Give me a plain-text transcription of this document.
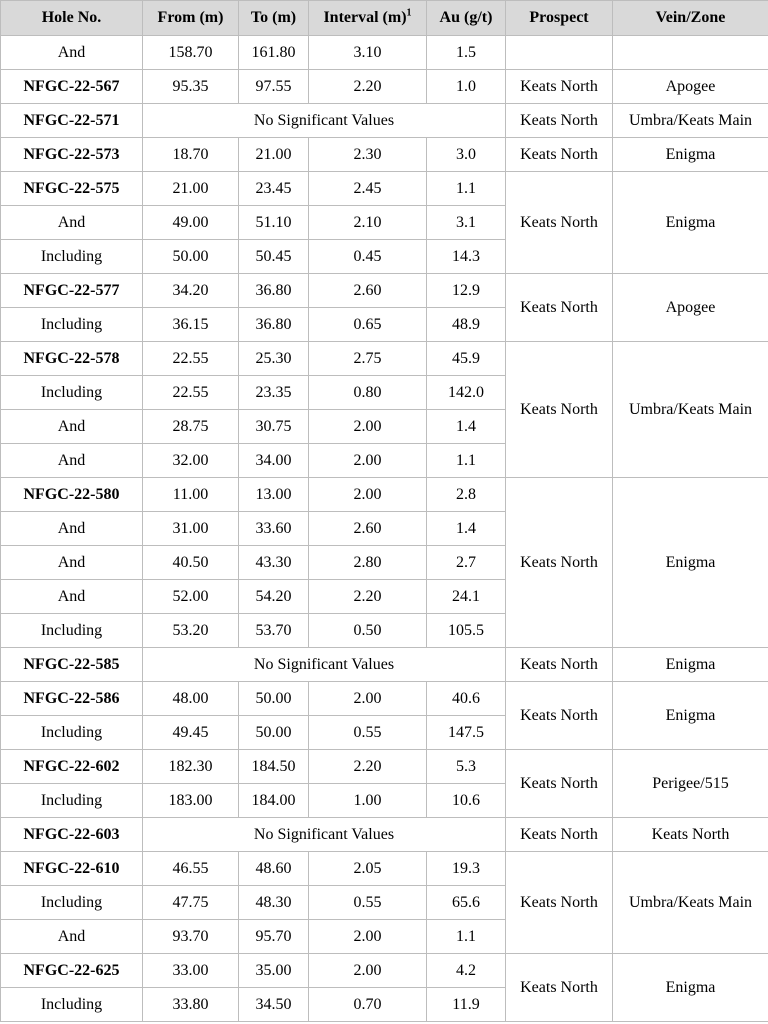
Hole No.	From (m)	To (m)	Interval $(m)^1$	Au (g/t)	Prospect	Vein/Zone
And	158.70	161.80	3.10	1.5		
NFGC-22-567	95.35	97.55	2.20	1.0	Keats North	Apogee
NFGC-22-571	No Significant Values				Keats North	Umbra/Keats Main
NFGC-22-573	18.70	21.00	2.30	3.0	Keats North	Enigma
NFGC-22-575	21.00	23.45	2.45	1.1	Keats North	Enigma
And	49.00	51.10	2.10	3.1		
Including	50.00	50.45	0.45	14.3		
NFGC-22-577	34.20	36.80	2.60	12.9	Keats North	Apogee
Including	36.15	36.80	0.65	48.9		
NFGC-22-578	22.55	25.30	2.75	45.9	Keats North	Umbra/Keats Main
Including	22.55	23.35	0.80	142.0		
And	28.75	30.75	2.00	1.4		
And	32.00	34.00	2.00	1.1		
NFGC-22-580	11.00	13.00	2.00	2.8	Keats North	Enigma
And	31.00	33.60	2.60	1.4		
And	40.50	43.30	2.80	2.7		
And	52.00	54.20	2.20	24.1		
Including	53.20	53.70	0.50	105.5		
NFGC-22-585	No Significant Values				Keats North	Enigma
NFGC-22-586	48.00	50.00	2.00	40.6	Keats North	Enigma
Including	49.45	50.00	0.55	147.5		
NFGC-22-602	182.30	184.50	2.20	5.3	Keats North	Perigee/515
Including	183.00	184.00	1.00	10.6		
NFGC-22-603	No Significant Values				Keats North	Keats North
NFGC-22-610	46.55	48.60	2.05	19.3	Keats North	Umbra/Keats Main
Including	47.75	48.30	0.55	65.6		
And	93.70	95.70	2.00	1.1		
NFGC-22-625	33.00	35.00	2.00	4.2	Keats North	Enigma
Including	33.80	34.50	0.70	11.9		
